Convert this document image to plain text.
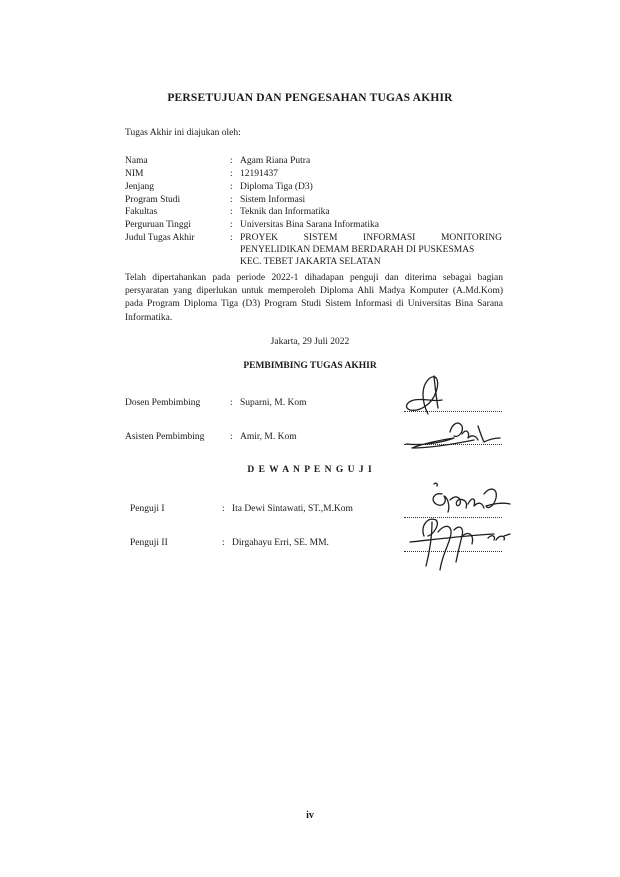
PERSETUJUAN DAN PENGESAHAN TUGAS AKHIR
Tugas Akhir ini diajukan oleh:
Nama	: Agam Riana Putra
NIM	: 12191437
Jenjang	: Diploma Tiga (D3)
Program Studi	: Sistem Informasi
Fakultas	: Teknik dan Informatika
Perguruan Tinggi	: Universitas Bina Sarana Informatika
Judul Tugas Akhir	: PROYEK SISTEM INFORMASI MONITORING
PENYELIDIKAN DEMAM BERDARAH DI PUSKESMAS
KEC. TEBET JAKARTA SELATAN
Telah dipertahankan pada periode 2022-1 dihadapan penguji dan diterima sebagai bagian persyaratan yang diperlukan untuk memperoleh Diploma Ahli Madya Komputer (A.Md.Kom) pada Program Diploma Tiga (D3) Program Studi Sistem Informasi di Universitas Bina Sarana Informatika.
Jakarta, 29 Juli 2022
PEMBIMBING TUGAS AKHIR
Dosen Pembimbing	: Suparni, M. Kom
Asisten Pembimbing	: Amir, M. Kom
D E W A N P E N G U J I
Penguji I	: Ita Dewi Sintawati, ST.,M.Kom
Penguji II	: Dirgahayu Erri, SE. MM.
iv
